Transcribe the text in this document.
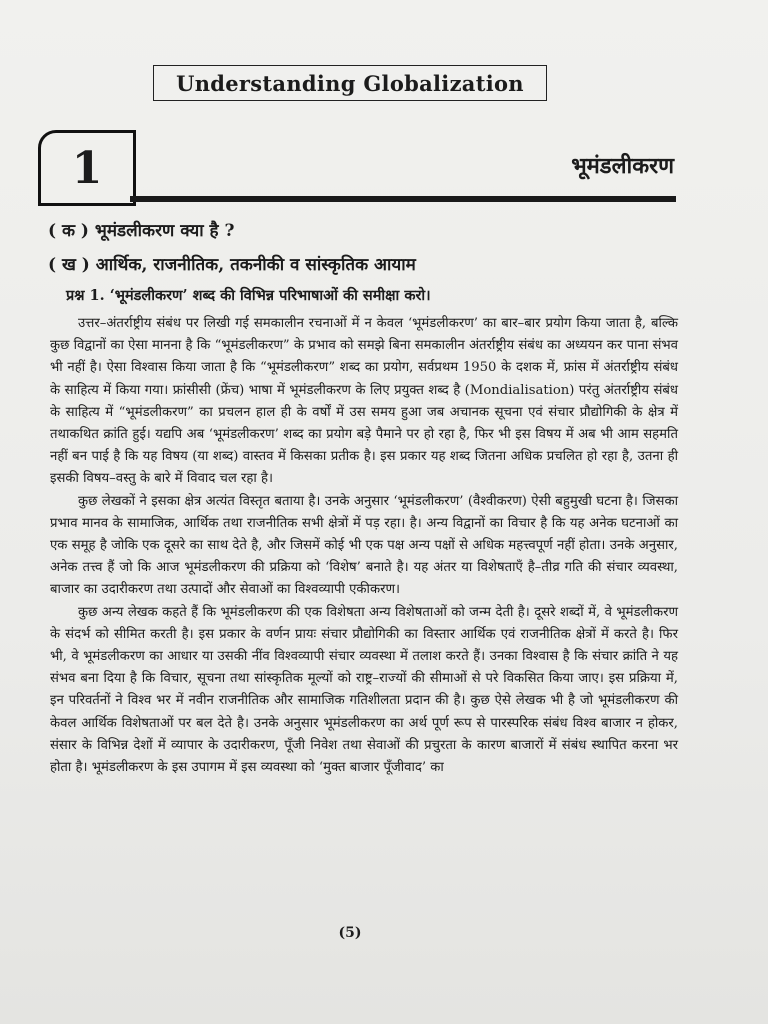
Understanding Globalization
1	भूमंडलीकरण
( क ) भूमंडलीकरण क्या है ?
( ख ) आर्थिक, राजनीतिक, तकनीकी व सांस्कृतिक आयाम
प्रश्न 1. ‘भूमंडलीकरण’ शब्द की विभिन्न परिभाषाओं की समीक्षा करो।

उत्तर–अंतर्राष्ट्रीय संबंध पर लिखी गई समकालीन रचनाओं में न केवल ‘भूमंडलीकरण’ का बार–बार प्रयोग किया जाता है, बल्कि कुछ विद्वानों का ऐसा मानना है कि “भूमंडलीकरण” के प्रभाव को समझे बिना समकालीन अंतर्राष्ट्रीय संबंध का अध्ययन कर पाना संभव भी नहीं है। ऐसा विश्वास किया जाता है कि “भूमंडलीकरण” शब्द का प्रयोग, सर्वप्रथम 1950 के दशक में, फ्रांस में अंतर्राष्ट्रीय संबंध के साहित्य में किया गया। फ्रांसीसी (फ्रेंच) भाषा में भूमंडलीकरण के लिए प्रयुक्त शब्द है (Mondialisation) परंतु अंतर्राष्ट्रीय संबंध के साहित्य में “भूमंडलीकरण” का प्रचलन हाल ही के वर्षों में उस समय हुआ जब अचानक सूचना एवं संचार प्रौद्योगिकी के क्षेत्र में तथाकथित क्रांति हुई। यद्यपि अब ‘भूमंडलीकरण’ शब्द का प्रयोग बड़े पैमाने पर हो रहा है, फिर भी इस विषय में अब भी आम सहमति नहीं बन पाई है कि यह विषय (या शब्द) वास्तव में किसका प्रतीक है। इस प्रकार यह शब्द जितना अधिक प्रचलित हो रहा है, उतना ही इसकी विषय–वस्तु के बारे में विवाद चल रहा है।

कुछ लेखकों ने इसका क्षेत्र अत्यंत विस्तृत बताया है। उनके अनुसार ‘भूमंडलीकरण’ (वैश्वीकरण) ऐसी बहुमुखी घटना है। जिसका प्रभाव मानव के सामाजिक, आर्थिक तथा राजनीतिक सभी क्षेत्रों में पड़ रहा। है। अन्य विद्वानों का विचार है कि यह अनेक घटनाओं का एक समूह है जोकि एक दूसरे का साथ देते है, और जिसमें कोई भी एक पक्ष अन्य पक्षों से अधिक महत्त्वपूर्ण नहीं होता। उनके अनुसार, अनेक तत्त्व हैं जो कि आज भूमंडलीकरण की प्रक्रिया को ‘विशेष’ बनाते है। यह अंतर या विशेषताएँ है–तीव्र गति की संचार व्यवस्था, बाजार का उदारीकरण तथा उत्पादों और सेवाओं का विश्वव्यापी एकीकरण।

कुछ अन्य लेखक कहते हैं कि भूमंडलीकरण की एक विशेषता अन्य विशेषताओं को जन्म देती है। दूसरे शब्दों में, वे भूमंडलीकरण के संदर्भ को सीमित करती है। इस प्रकार के वर्णन प्रायः संचार प्रौद्योगिकी का विस्तार आर्थिक एवं राजनीतिक क्षेत्रों में करते है। फिर भी, वे भूमंडलीकरण का आधार या उसकी नींव विश्वव्यापी संचार व्यवस्था में तलाश करते हैं। उनका विश्वास है कि संचार क्रांति ने यह संभव बना दिया है कि विचार, सूचना तथा सांस्कृतिक मूल्यों को राष्ट्र–राज्यों की सीमाओं से परे विकसित किया जाए। इस प्रक्रिया में, इन परिवर्तनों ने विश्व भर में नवीन राजनीतिक और सामाजिक गतिशीलता प्रदान की है। कुछ ऐसे लेखक भी है जो भूमंडलीकरण की केवल आर्थिक विशेषताओं पर बल देते है। उनके अनुसार भूमंडलीकरण का अर्थ पूर्ण रूप से पारस्परिक संबंध विश्व बाजार न होकर, संसार के विभिन्न देशों में व्यापार के उदारीकरण, पूँजी निवेश तथा सेवाओं की प्रचुरता के कारण बाजारों में संबंध स्थापित करना भर होता है। भूमंडलीकरण के इस उपागम में इस व्यवस्था को ‘मुक्त बाजार पूँजीवाद’ का

(5)
